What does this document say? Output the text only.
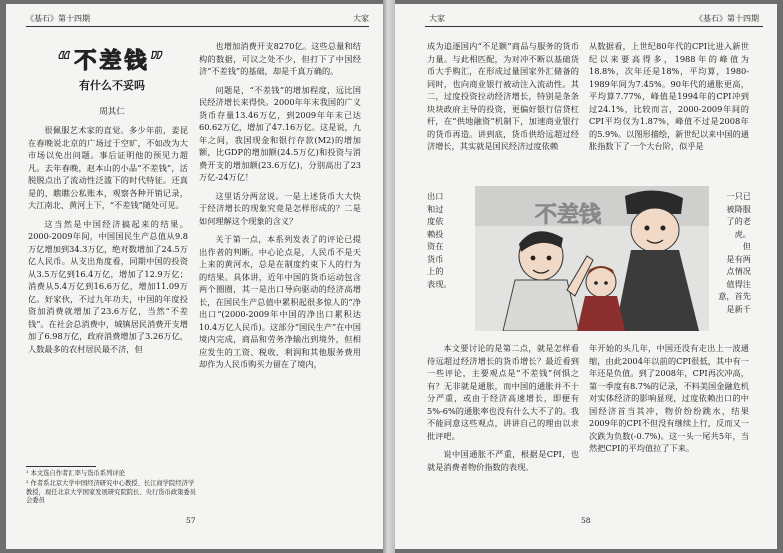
《基石》第十四期	大家
“不差钱”
有什么不妥吗
周其仁

很佩服艺术家的直觉。多少年前，姜昆在春晚说北京的广场过于空旷，不如改为大市场以免出问题。事后证明他的预见力超凡。去年春晚，赵本山的小品“不差钱”，活脱脱点出了流动性泛滥下的时代特征。还真是的，瞧瞧公私账本，观察各种开销记录，大江南北、黄河上下，“不差钱”随处可见。

这当然是中国经济搞起来的结果。2000-2009年间，中国国民生产总值从9.8万亿增加到34.3万亿，绝对数增加了24.5万亿人民币。从支出角度看，同期中国的投资从3.5万亿到16.4万亿，增加了12.9万亿；消费从5.4万亿到16.6万亿，增加11.09万亿。好家伙，不过九年功夫，中国的年度投资加消费就增加了23.6万亿，当然“不差钱”。在社会总消费中，城镇居民消费开支增加了6.98万亿，政府消费增加了3.26万亿，人数最多的农村居民最不济，但

也增加消费开支8270亿。这些总量和结构的数据，可议之处不少，但打下了中国经济“不差钱”的基础，却是千真万确的。

问题是，“不差钱”的增加程度，远比国民经济增长来得快。2000年年末我国的广义货币存量13.46万亿，到2009年年末已达60.62万亿，增加了47.16万亿。这是说，九年之间，我国现金和银行存款(M2)的增加额，比GDP的增加额(24.5万亿)和投资与消费开支的增加额(23.6万亿)，分别高出了23万亿-24万亿！

这里话分两岔说。一是上述货币大大快于经济增长的现象究竟是怎样形成的？二是如何理解这个现象的含义？

关于第一点，本系列发表了的评论已提出作者的判断。中心论点是，人民币不是天上来的黄河水，总是在制度约束下人的行为的结果。具体讲，近年中国的货币运动包含两个圈圈，其一是出口导向驱动的经济高增长，在国民生产总值中累积起很多惊人的“净出口”(2000-2009年中国的净出口累积达10.4万亿人民币)。这部分“国民生产”在中国境内完成，商品和劳务净输出到境外，但相应发生的工资、税收、利润和其他服务费用却作为人民币购买力留在了境内，

¹ 本文选自作者汇率与货币系列评论
² 作者系北京大学中国经济研究中心教授、长江商学院经济学教授，现任北京大学国家发展研究院院长、央行货币政策委员会委员
57
大家	《基石》第十四期
成为追逐国内“不足额”商品与服务的货币力量。与此相匹配，为对冲不断以基础货币大手购汇，在形成过量国家外汇储备的同时，也向商业银行被动注入流动性。其二，过度投资拉动经济增长，特别是条条块块政府主导的投资，更偏好银行信贷杠杆，在“供地融资”机制下，加速商业银行的货币再造。讲到底，货币供给远超过经济增长，其实就是国民经济过度依赖
出口
和过
度依
赖投
资在
货币
上的
表现。

本文要讨论的是第二点，就是怎样看待远超过经济增长的货币增长？最近看到一些评论，主要观点是“不差钱”何惧之有？无非就是通胀，而中国的通胀并不十分严重，或由于经济高速增长，即便有5%-6%的通胀率也没有什么大不了的。我不能同意这些观点，讲讲自己的理由以求批评吧。

说中国通胀不严重，根据是CPI，也就是消费者物价指数的表现。

从数据看，上世纪80年代的CPI比进入新世纪以来要高得多，1988年的峰值为18.8%，次年还是18%，平均算，1980-1989年间为7.45%。90年代的通胀更高，平均算7.77%，峰值是1994年的CPI冲到过24.1%，比较而言，2000-2009年间的CPI平均仅为1.87%，峰值不过是2008年的5.9%。以图形描绘，新世纪以来中国的通胀指数下了一个大台阶，似乎是
一只已
被降服
了的老
虎。
但
是有两
点情况
值得注
意，首先
是新千
年开始的头几年，中国还没有走出上一波通缩，由此2004年以前的CPI很低，其中有一年还是负值。到了2008年，CPI再次冲高，第一季度有8.7%的记录，不料美国金融危机对实体经济的影响显现，过度依赖出口的中国经济首当其冲，物价纷纷跳水，结果2009年的CPI不但没有继续上行，反而又一次跌为负数(-0.7%)。这一头一尾共5年，当然把CPI的平均值拉了下来。
58
不差钱
